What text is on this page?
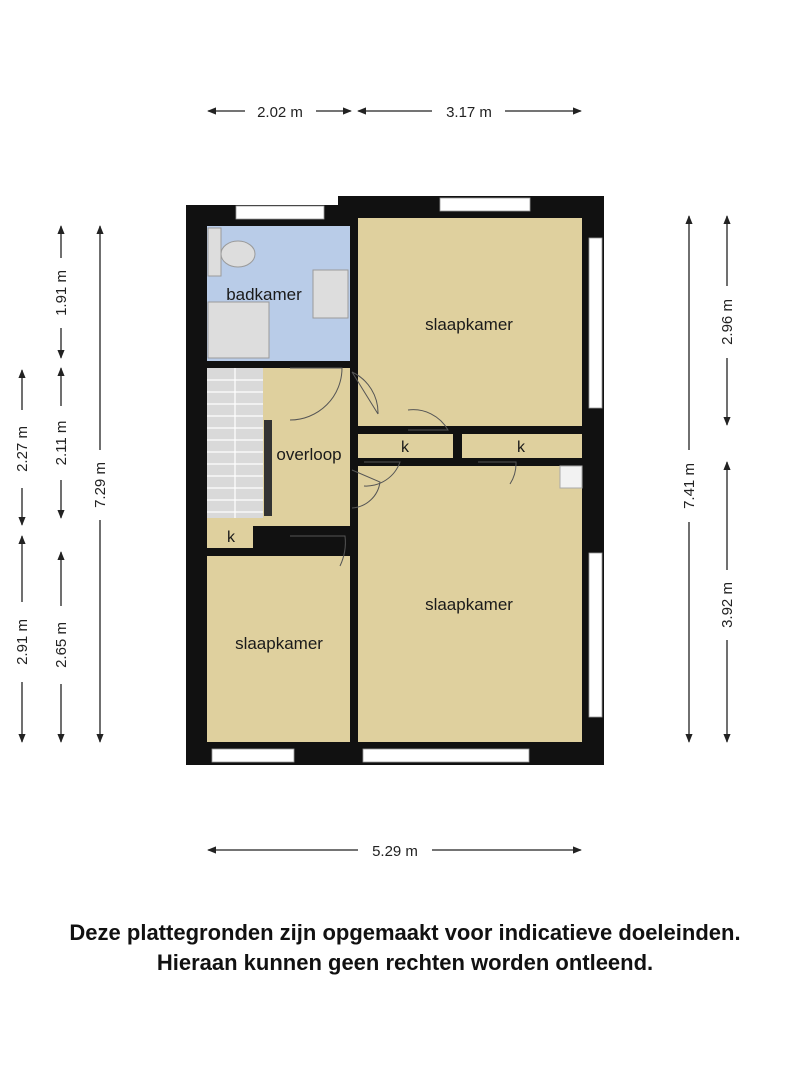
2.02 m	3.17 m
5.29 m
2.27 m
2.91 m
1.91 m
2.11 m
2.65 m
7.29 m	7.41 m
2.96 m
3.92 m
badkamer
slaapkamer
overloop
slaapkamer
slaapkamer
k	k
k
Deze plattegronden zijn opgemaakt voor indicatieve doeleinden.
Hieraan kunnen geen rechten worden ontleend.
